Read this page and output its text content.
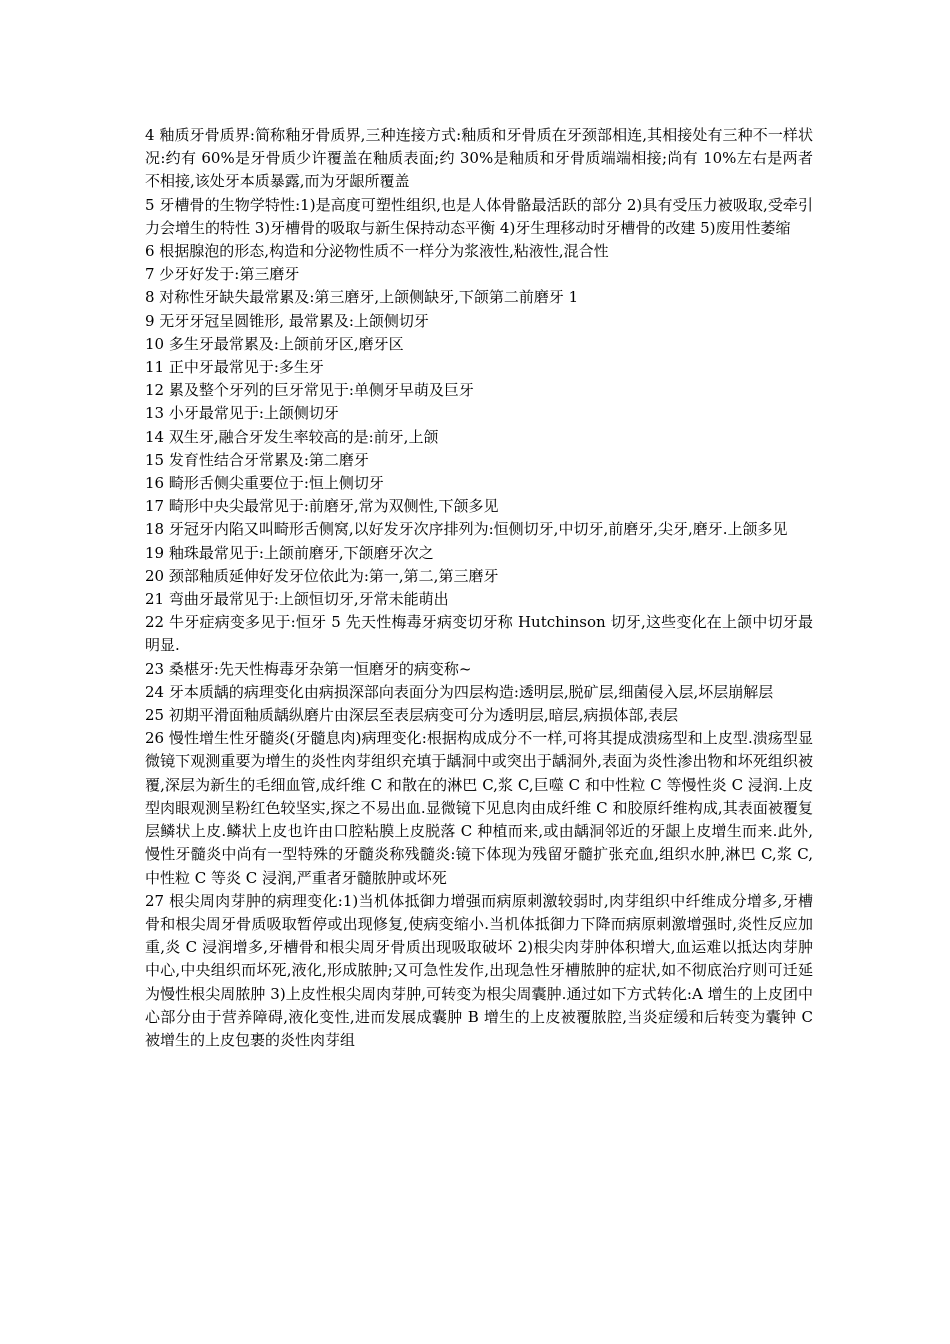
4 釉质牙骨质界:简称釉牙骨质界,三种连接方式:釉质和牙骨质在牙颈部相连,其相接处有三种不一样状况:约有 60%是牙骨质少许覆盖在釉质表面;约 30%是釉质和牙骨质端端相接;尚有 10%左右是两者不相接,该处牙本质暴露,而为牙龈所覆盖

5 牙槽骨的生物学特性:1)是高度可塑性组织,也是人体骨骼最活跃的部分 2)具有受压力被吸取,受牵引力会增生的特性 3)牙槽骨的吸取与新生保持动态平衡 4)牙生理移动时牙槽骨的改建 5)废用性萎缩

6 根据腺泡的形态,构造和分泌物性质不一样分为浆液性,粘液性,混合性

7 少牙好发于:第三磨牙

8 对称性牙缺失最常累及:第三磨牙,上颌侧缺牙,下颌第二前磨牙 1

9 无牙牙冠呈圆锥形, 最常累及:上颌侧切牙

10 多生牙最常累及:上颌前牙区,磨牙区

11 正中牙最常见于:多生牙

12 累及整个牙列的巨牙常见于:单侧牙早萌及巨牙

13 小牙最常见于:上颌侧切牙

14 双生牙,融合牙发生率较高的是:前牙,上颌

15 发育性结合牙常累及:第二磨牙

16 畸形舌侧尖重要位于:恒上侧切牙

17 畸形中央尖最常见于:前磨牙,常为双侧性,下颌多见

18 牙冠牙内陷又叫畸形舌侧窝,以好发牙次序排列为:恒侧切牙,中切牙,前磨牙,尖牙,磨牙.上颌多见

19 釉珠最常见于:上颌前磨牙,下颌磨牙次之

20 颈部釉质延伸好发牙位依此为:第一,第二,第三磨牙

21 弯曲牙最常见于:上颌恒切牙,牙常未能萌出

22 牛牙症病变多见于:恒牙 5 先天性梅毒牙病变切牙称 Hutchinson 切牙,这些变化在上颌中切牙最明显.

23 桑椹牙:先天性梅毒牙杂第一恒磨牙的病变称~

24 牙本质龋的病理变化由病损深部向表面分为四层构造:透明层,脱矿层,细菌侵入层,坏层崩解层

25 初期平滑面釉质龋纵磨片由深层至表层病变可分为透明层,暗层,病损体部,表层

26 慢性增生性牙髓炎(牙髓息肉)病理变化:根据构成成分不一样,可将其提成溃疡型和上皮型.溃疡型显微镜下观测重要为增生的炎性肉芽组织充填于龋洞中或突出于龋洞外,表面为炎性渗出物和坏死组织被覆,深层为新生的毛细血管,成纤维 C 和散在的淋巴 C,浆 C,巨噬 C 和中性粒 C 等慢性炎 C 浸润.上皮型肉眼观测呈粉红色较坚实,探之不易出血.显微镜下见息肉由成纤维 C 和胶原纤维构成,其表面被覆复层鳞状上皮.鳞状上皮也许由口腔粘膜上皮脱落 C 种植而来,或由龋洞邻近的牙龈上皮增生而来.此外,慢性牙髓炎中尚有一型特殊的牙髓炎称残髓炎:镜下体现为残留牙髓扩张充血,组织水肿,淋巴 C,浆 C,中性粒 C 等炎 C 浸润,严重者牙髓脓肿或坏死

27 根尖周肉芽肿的病理变化:1)当机体抵御力增强而病原刺激较弱时,肉芽组织中纤维成分增多,牙槽骨和根尖周牙骨质吸取暂停或出现修复,使病变缩小.当机体抵御力下降而病原刺激增强时,炎性反应加重,炎 C 浸润增多,牙槽骨和根尖周牙骨质出现吸取破坏 2)根尖肉芽肿体积增大,血运难以抵达肉芽肿中心,中央组织而坏死,液化,形成脓肿;又可急性发作,出现急性牙槽脓肿的症状,如不彻底治疗则可迁延为慢性根尖周脓肿 3)上皮性根尖周肉芽肿,可转变为根尖周囊肿.通过如下方式转化:A 增生的上皮团中心部分由于营养障碍,液化变性,进而发展成囊肿 B 增生的上皮被覆脓腔,当炎症缓和后转变为囊钟 C 被增生的上皮包裹的炎性肉芽组
